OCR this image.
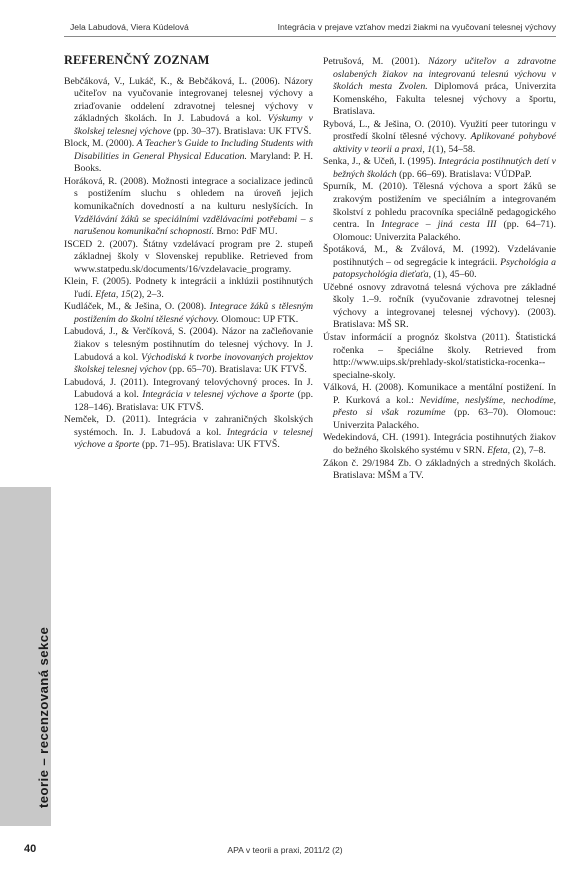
Jela Labudová, Viera Kúdelová	Integrácia v prejave vzťahov medzi žiakmi na vyučovaní telesnej výchovy
REFERENČNÝ ZOZNAM

Bebčáková, V., Lukáč, K., & Bebčáková, L. (2006). Názory učiteľov na vyučovanie integrovanej telesnej výchovy a zriaďovanie oddelení zdravotnej telesnej výchovy v základných školách. In J. Labudová a kol. Výskumy v školskej telesnej výchove (pp. 30–37). Bratislava: UK FTVŠ.

Block, M. (2000). A Teacher’s Guide to Including Students with Disabilities in General Physical Education. Maryland: P. H. Books.

Horáková, R. (2008). Možnosti integrace a socializace jedinců s postižením sluchu s ohledem na úroveň jejich komunikačních dovedností a na kulturu neslyšících. In Vzdělávání žáků se speciálními vzdělávacími potřebami – s narušenou komunikační schopností. Brno: PdF MU.

ISCED 2. (2007). Štátny vzdelávací program pre 2. stupeň základnej školy v Slovenskej republike. Retrieved from www.statpedu.sk/documents/16/vzdelavacie_programy.

Klein, F. (2005). Podnety k integrácii a inklúzii postihnutých ľudí. Efeta, 15(2), 2–3.

Kudláček, M., & Ješina, O. (2008). Integrace žáků s tělesným postižením do školní tělesné výchovy. Olomouc: UP FTK.

Labudová, J., & Verčíková, S. (2004). Názor na začleňovanie žiakov s telesným postihnutím do telesnej výchovy. In J. Labudová a kol. Východiská k tvorbe inovovaných projektov školskej telesnej výchov (pp. 65–70). Bratislava: UK FTVŠ.

Labudová, J. (2011). Integrovaný telovýchovný proces. In J. Labudová a kol. Integrácia v telesnej výchove a športe (pp. 128–146). Bratislava: UK FTVŠ.

Nemček, D. (2011). Integrácia v zahraničných školských systémoch. In. J. Labudová a kol. Integrácia v telesnej výchove a športe (pp. 71–95). Bratislava: UK FTVŠ.

Petrušová, M. (2001). Názory učiteľov a zdravotne oslabených žiakov na integrovanú telesnú výchovu v školách mesta Zvolen. Diplomová práca, Univerzita Komenského, Fakulta telesnej výchovy a športu, Bratislava.

Rybová, L., & Ješina, O. (2010). Využití peer tutoringu v prostředí školní tělesné výchovy. Aplikované pohybové aktivity v teorii a praxi, 1(1), 54–58.

Senka, J., & Učeň, I. (1995). Integrácia postihnutých detí v bežných školách (pp. 66–69). Bratislava: VÚDPaP.

Spurník, M. (2010). Tělesná výchova a sport žáků se zrakovým postižením ve speciálním a integrovaném školství z pohledu pracovníka speciálně pedagogického centra. In Integrace – jiná cesta III (pp. 64–71). Olomouc: Univerzita Palackého.

Špotáková, M., & Zválová, M. (1992). Vzdelávanie postihnutých – od segregácie k integrácii. Psychológia a patopsychológia dieťaťa, (1), 45–60.

Učebné osnovy zdravotná telesná výchova pre základné školy 1.–9. ročník (vyučovanie zdravotnej telesnej výchovy a integrovanej telesnej výchovy). (2003). Bratislava: MŠ SR.

Ústav informácií a prognóz školstva (2011). Štatistická ročenka – špeciálne školy. Retrieved from http://www.uips.sk/prehlady-skol/statisticka-rocenka--specialne-skoly.

Válková, H. (2008). Komunikace a mentální postižení. In P. Kurková a kol.: Nevidíme, neslyšíme, nechodíme, přesto si však rozumíme (pp. 63–70). Olomouc: Univerzita Palackého.

Wedekindová, CH. (1991). Integrácia postihnutých žiakov do bežného školského systému v SRN. Efeta, (2), 7–8.

Zákon č. 29/1984 Zb. O základných a stredných školách. Bratislava: MŠM a TV.

teorie – recenzovaná sekce
40	APA v teorii a praxi, 2011/2 (2)
